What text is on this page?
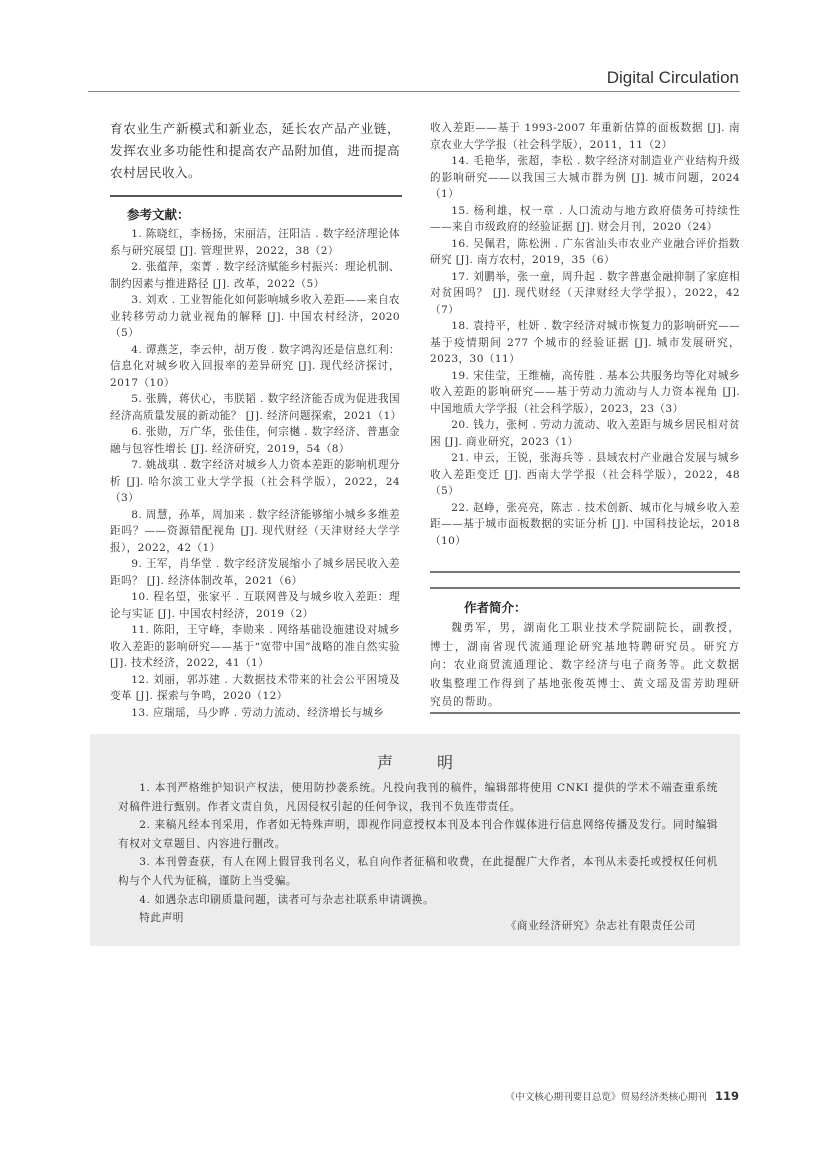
Digital Circulation
育农业生产新模式和新业态，延长农产品产业链，发挥农业多功能性和提高农产品附加值，进而提高农村居民收入。
参考文献：

1. 陈晓红，李杨扬，宋丽洁，汪阳洁 . 数字经济理论体系与研究展望 [J]. 管理世界，2022，38（2）

2. 张蕴萍，栾菁 . 数字经济赋能乡村振兴：理论机制、制约因素与推进路径 [J]. 改革，2022（5）

3. 刘欢 . 工业智能化如何影响城乡收入差距——来自农业转移劳动力就业视角的解释 [J]. 中国农村经济，2020（5）

4. 谭燕芝，李云仲，胡万俊 . 数字鸿沟还是信息红利：信息化对城乡收入回报率的差异研究 [J]. 现代经济探讨，2017（10）

5. 张腾，蒋伏心，韦朕韬 . 数字经济能否成为促进我国经济高质量发展的新动能？ [J]. 经济问题探索，2021（1）

6. 张勋，万广华，张佳佳，何宗樾 . 数字经济、普惠金融与包容性增长 [J]. 经济研究，2019，54（8）

7. 姚战琪 . 数字经济对城乡人力资本差距的影响机理分析 [J]. 哈尔滨工业大学学报（社会科学版），2022，24（3）

8. 周慧，孙革，周加来 . 数字经济能够缩小城乡多维差距吗？——资源错配视角 [J]. 现代财经（天津财经大学学报），2022，42（1）

9. 王军，肖华堂 . 数字经济发展缩小了城乡居民收入差距吗？ [J]. 经济体制改革，2021（6）

10. 程名望，张家平 . 互联网普及与城乡收入差距：理论与实证 [J]. 中国农村经济，2019（2）

11. 陈阳，王守峰，李勋来 . 网络基础设施建设对城乡收入差距的影响研究——基于“宽带中国”战略的准自然实验 [J]. 技术经济，2022，41（1）

12. 刘丽，郭苏建 . 大数据技术带来的社会公平困境及变革 [J]. 探索与争鸣，2020（12）

13. 应瑞瑶，马少晔 . 劳动力流动、经济增长与城乡

收入差距——基于 1993-2007 年重新估算的面板数据 [J]. 南京农业大学学报（社会科学版），2011，11（2）

14. 毛艳华，张超，李松 . 数字经济对制造业产业结构升级的影响研究——以我国三大城市群为例 [J]. 城市问题，2024（1）

15. 杨利雄，权一章 . 人口流动与地方政府债务可持续性——来自市级政府的经验证据 [J]. 财会月刊，2020（24）

16. 吴佩君，陈松洲 . 广东省汕头市农业产业融合评价指数研究 [J]. 南方农村，2019，35（6）

17. 刘鹏举，张一童，周升起 . 数字普惠金融抑制了家庭相对贫困吗？ [J]. 现代财经（天津财经大学学报），2022，42（7）

18. 袁持平，杜妍 . 数字经济对城市恢复力的影响研究——基于疫情期间 277 个城市的经验证据 [J]. 城市发展研究，2023，30（11）

19. 宋佳莹，王维楠，高传胜 . 基本公共服务均等化对城乡收入差距的影响研究——基于劳动力流动与人力资本视角 [J]. 中国地质大学学报（社会科学版），2023，23（3）

20. 钱力，张柯 . 劳动力流动、收入差距与城乡居民相对贫困 [J]. 商业研究，2023（1）

21. 申云，王锐，张海兵等 . 县域农村产业融合发展与城乡收入差距变迁 [J]. 西南大学学报（社会科学版），2022，48（5）

22. 赵峥，张亮亮，陈志 . 技术创新、城市化与城乡收入差距——基于城市面板数据的实证分析 [J]. 中国科技论坛，2018（10）

作者简介：

魏勇军，男，湖南化工职业技术学院副院长，副教授，博士，湖南省现代流通理论研究基地特聘研究员。研究方向：农业商贸流通理论、数字经济与电子商务等。此文数据收集整理工作得到了基地张俊英博士、黄文瑶及雷芳助理研究员的帮助。

声明

1. 本刊严格维护知识产权法，使用防抄袭系统。凡投向我刊的稿件，编辑部将使用 CNKI 提供的学术不端查重系统对稿件进行甄别。作者文责自负，凡因侵权引起的任何争议，我刊不负连带责任。

2. 来稿凡经本刊采用，作者如无特殊声明，即视作同意授权本刊及本刊合作媒体进行信息网络传播及发行。同时编辑有权对文章题目、内容进行删改。

3. 本刊曾查获，有人在网上假冒我刊名义，私自向作者征稿和收费，在此提醒广大作者，本刊从未委托或授权任何机构与个人代为征稿，谨防上当受骗。

4. 如遇杂志印刷质量问题，读者可与杂志社联系申请调换。

特此声明

《商业经济研究》杂志社有限责任公司
《中文核心期刊要目总览》贸易经济类核心期刊 119
